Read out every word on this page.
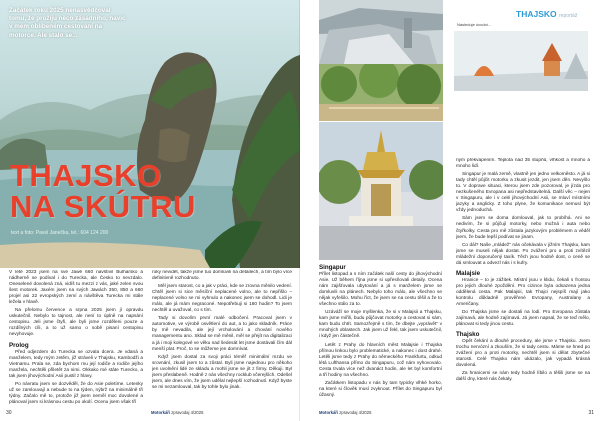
Začátek roku 2025 nenasvědčoval tomu, že prožiju něco zásadního, navíc v mém oblíbeném cestování na motorce. Ale stalo se...
THAJSKO
NA SKÚTRU
text a foto: Pavel Janečka, tel.: 604 124 200

V létě 2023 jsem na své Jawě 660 navštívil Bulharsko a nádherně se podíval i do Turecka, ale Česko to nevzdalo. Oneselené dovolená zná, vidíš tu mezzi z vás, jaké zelen svou šest motorek. Jaxém jsem na svých Jawách 350, 850 a 660 projel asi 22 evropských zemí a návštěva Turecka mi stále ležela v hlavě.

Na přelomu července a srpna 2025 jsem jí opravdu uskutečnil. Nebylo to tajnost, ale není to úplně na napsání cestopisu. Jeli jsme čtyři, ale byli jsme rozděleni pouze a rozdílných cíli, a to už samo o sobě pisaní cestopisu nevyhovuje.

Prolog

Před odjezdem do Turecka se ozvala dcera. Je vdaná a manželem, tedy mým zetěm, již stráveli v Thajsku, Kambodži a Vietnamu. Prala se, zda bychom mu její rodiče a rodiče jejího manžela, nechtěli přiletět za nimi. Okkako mé státe Turecko, a tak jsem jihovýchodní Asii pustil z hlavy.

Po návratu jsem se dozvěděl, že do Asie poletíme. Letenky už se zamlouvají a nebude to na týden, nýbrž na minimálně tři týdny. Začalo mě to, protože již jsem neměl moc dovolené a plánoval jsem si krásnou cestu po okolí. Ocenu jsem však tří

roky nevidět, takže jsme tuo domluvili na detailech, a tím bylo více definitivně rozhodnuto.

Měl jsem starost, co a jak v práci, kde se zrovna měnilo vedení. Chtěl jsem si sice měsíční neplacené volno, ale to nepřišlo – neplacené volno se mi vyhnulo a nakonec jsem se dohodl. Lidi je málo, ale já mám negraconé. Nepotřebuji si 160 hodin? To jsem nechtěl a uvažoval, co s tím.

Tady si dovolím první malé odbočení. Pracoval jsem v automotive, ve výrobě osvětlení do aut, a to jako skladník. Práce by mě nevadila, ale její vrcholování a chování nového managementu ano. Sklad se mě měnil, měl se přejít na digitalizaci a já i moji kolegové ve věku nad šedesát let jsme dostávali čím dál menší plat. Proč, to se můžeme jen domnívat.

Když jsem dostal za svoji práci téměř minimální mzdu ve srovnání, zkusil jsem to a zůstal. Byli jsme najednou pro někoho jen uvolnění lidé ze skladu a mohli jsme se jít z firmy. Děkuji. Byl jsem přeslabeně. Hodně z nás všechny rocklub včerejších. Odešel jsem, ale dnes vím, že jsem udělal nejlepší rozhodnutí. Když byste se mi nezamlouval, tak by tohle bylo jinak.

30	Motorkáři zpravodaj 4/2025
THAJSKO reportáž
Následuje úvodní...
Singapur

Přílet listopad a s ním začátek naší cesty do jihovýchodní Asie. Už během října jsme si upřesňovali detaily. Ocena nám zajišťovala ubytování a já s manželem jsme se domluvili na plánech. Nebylo toho málo, ale všechno se nějak vyřešilo. Mohu říct, že jsem se na cestu těšil a že to všechno stálo za to.

Uzáváží se moje myšlenka, že si v Malajsii a Thajsku, kam jsme mířili, budu půjčovat motorky a cestovat si sám, kam budu chtít. Samozřejmě s tím, že dbejte „vyprávět" v mnohých oblastech. Jak jsem už řekl, tak jsem uskutečnil, i když jen částečně.

Letět z Prahy do hlavních měst Malajsie i Thajska přímou linkou bylo problematické, a nakonec i dost drahé. Letěli jsme tedy z Prahy do německého Frankfurtu, odkud létá Lufthansa přímo do Singapuru, což nám vyhovovalo. Cesta trvala více než dvanáct hodin, ale let byl komfortní a tři hodiny na všechno.

Začátkem listopadu v nás by tam typicky vlhké horko, na které si člověk musí zvyknout. Přílet do Singapuru byl úžasný.

ným překvapením. Teplota nad 35 stupňů, vlhkost a mnoho a mnoho lidí.

Singapur je malá země, vlastně jen jedno velkoměsto. A já si tady chtěl půjčit motorku a zkusit jezdit, jen jsem děn. Nevyšlo to. V doprave situaci, kterou jsem zde pozoroval, je jízda pro nezkušeného Evropana asi nepředstavitelná. Další věc – nejen v Singapuru, ale i v celé jihovýchodní Asii, se mluví místními jazyky a anglicky. Z toho plyne, že komunikace nemusí být vždy jednoduchá.

Sám jsem se doma domlouval, jak to probíhá. Ani se nedivím, že si půjčují motorky, nebo možná i auta nebo čtyřkolky. Cesta pro mě zůstala jazykovým problémem a věděl jsem, že bude lepší podívat se jinam.

Co dál? Naše „mládež" nás očekávala v jižním Thajsku, kam jsme se museli nějak dostat. Po zvážení pro a proti zvítězil mládežní doporučený taxík. Těch jsou hodně dost, o ceně se dá smlouvat a odvezl nás i s kufry.

Malajsie

Hranice – to je zážitek. Místní jsou v klidu, čekali s frontou pro jejich dlouhé zpoždění. Pro cizince byla odsazena jedna oddělená cesta. Pak Malajsii, tak Thajci nejspíš mají jako kontrolu důkladně prověřené Evropany, Australany a Američany.

Do Thajska jsme se dostali na lodi. Pro Evropana zůstala zajímavá, ale hodně zajímavá. Já jsem napsal, že se teď mělo, plánovat si tedy jinou cestu.

Thajsko

Opět čekání a dlouhé procedury, ale jsme v Thajsku. Jsem trochu nervózní a zkouším, že si tady cestu. Máme se hned po zvážení pro a proti motorky, nechtěl jsem si dělat zbytečné starosti. Celé Thajsko nám ukázalo, jak vypadá krásná dovolená.

Za hranicemi se nám tedy hodně líbilo a těšili jsme se na další dny, které nás čekaly.

Motorkáři zpravodaj 4/2025	31
